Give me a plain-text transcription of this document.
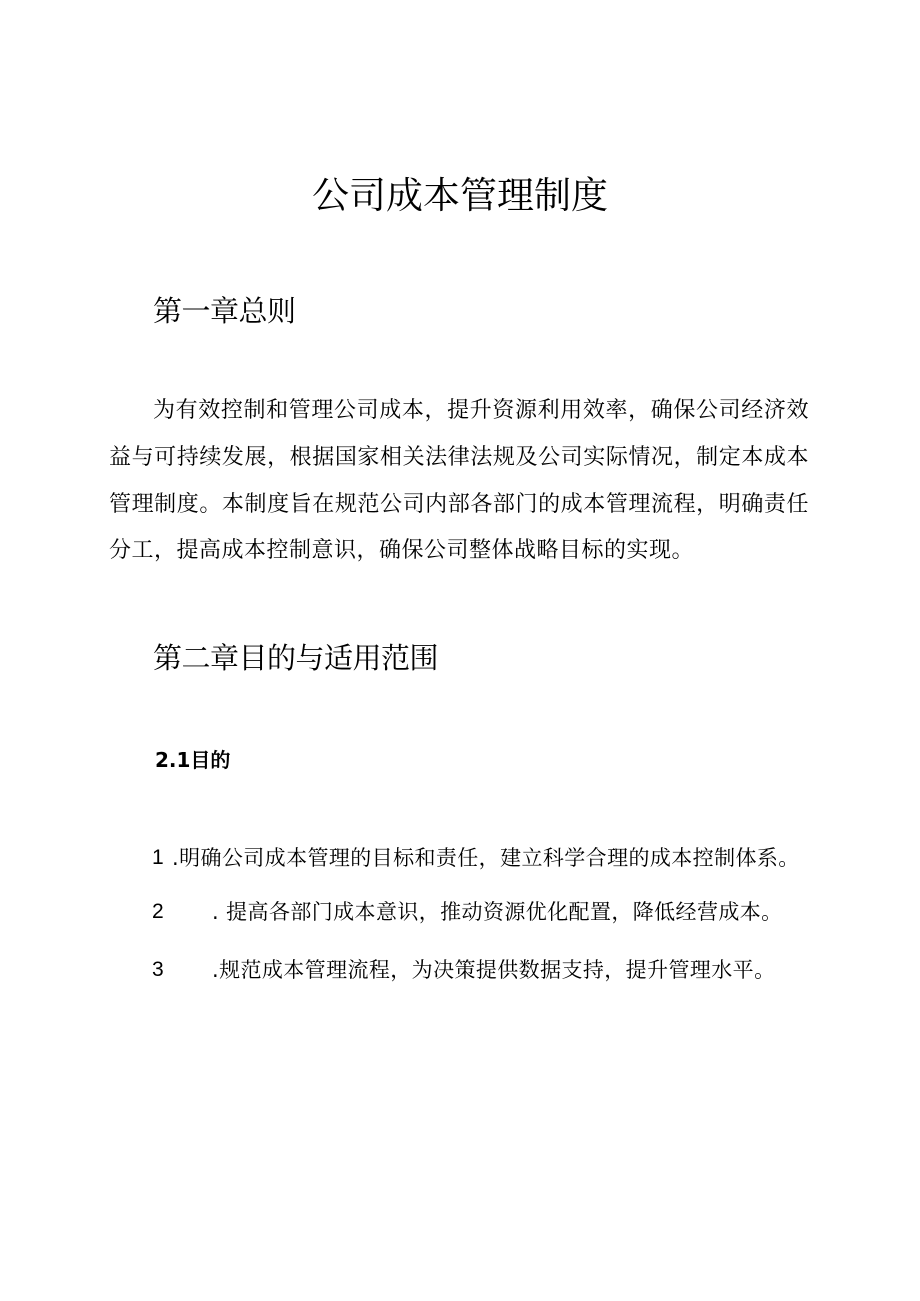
公司成本管理制度
第一章总则

为有效控制和管理公司成本，提升资源利用效率，确保公司经济效益与可持续发展，根据国家相关法律法规及公司实际情况，制定本成本管理制度。本制度旨在规范公司内部各部门的成本管理流程，明确责任分工，提高成本控制意识，确保公司整体战略目标的实现。

第二章目的与适用范围
2.1目的
1 .明确公司成本管理的目标和责任，建立科学合理的成本控制体系。
2 . 提高各部门成本意识，推动资源优化配置，降低经营成本。
3 .规范成本管理流程，为决策提供数据支持，提升管理水平。
